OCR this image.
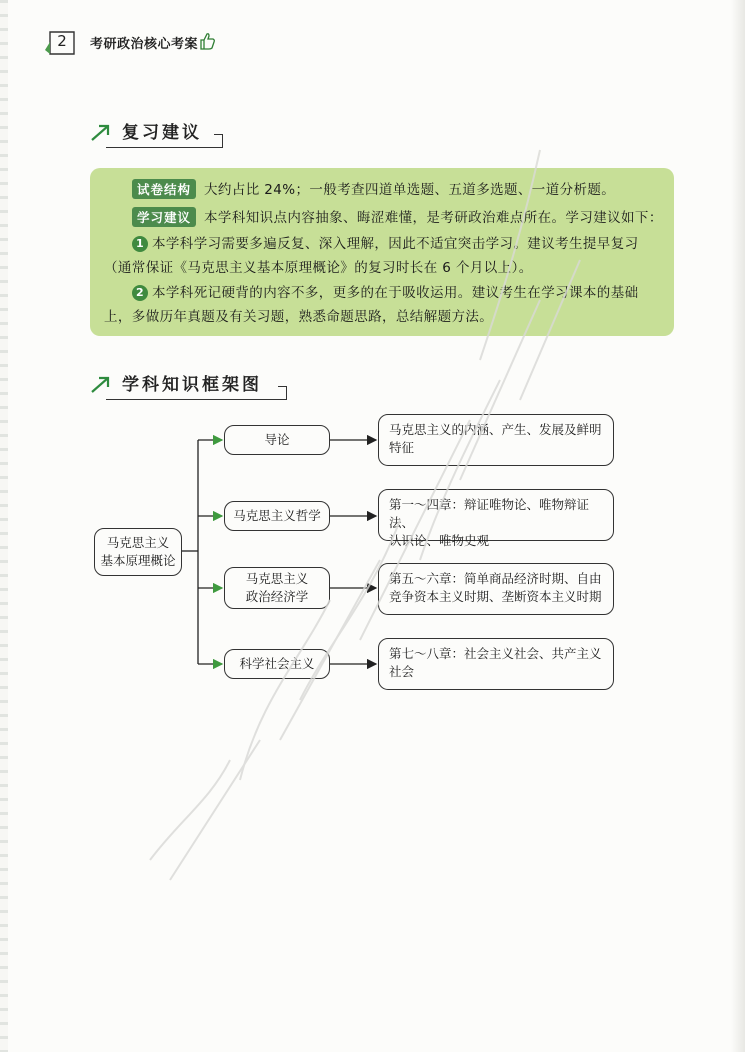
2	考研政治核心考案
复习建议
试卷结构 大约占比 24%；一般考查四道单选题、五道多选题、一道分析题。
学习建议 本学科知识点内容抽象、晦涩难懂，是考研政治难点所在。学习建议如下：
1 本学科学习需要多遍反复、深入理解，因此不适宜突击学习。建议考生提早复习
（通常保证《马克思主义基本原理概论》的复习时长在 6 个月以上）。
2 本学科死记硬背的内容不多，更多的在于吸收运用。建议考生在学习课本的基础
上，多做历年真题及有关习题，熟悉命题思路，总结解题方法。
学科知识框架图
马克思主义
基本原理概论
导论
马克思主义哲学
马克思主义
政治经济学
科学社会主义
马克思主义的内涵、产生、发展及鲜明
特征
第一～四章：辩证唯物论、唯物辩证法、
认识论、唯物史观
第五～六章：简单商品经济时期、自由
竞争资本主义时期、垄断资本主义时期
第七～八章：社会主义社会、共产主义
社会
